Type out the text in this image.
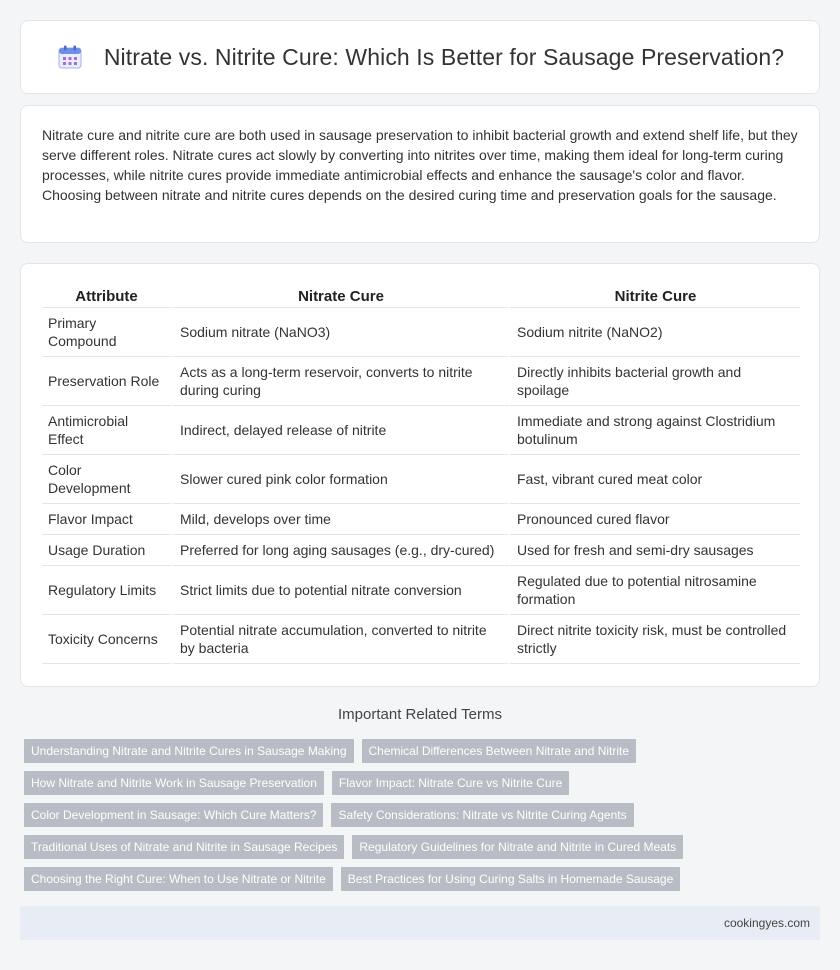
Nitrate vs. Nitrite Cure: Which Is Better for Sausage Preservation?

Nitrate cure and nitrite cure are both used in sausage preservation to inhibit bacterial growth and extend shelf life, but they serve different roles. Nitrate cures act slowly by converting into nitrites over time, making them ideal for long-term curing processes, while nitrite cures provide immediate antimicrobial effects and enhance the sausage's color and flavor. Choosing between nitrate and nitrite cures depends on the desired curing time and preservation goals for the sausage.

Attribute	Nitrate Cure	Nitrite Cure
Primary Compound	Sodium nitrate (NaNO3)	Sodium nitrite (NaNO2)
Preservation Role	Acts as a long-term reservoir, converts to nitrite during curing	Directly inhibits bacterial growth and spoilage
Antimicrobial Effect	Indirect, delayed release of nitrite	Immediate and strong against Clostridium botulinum
Color Development	Slower cured pink color formation	Fast, vibrant cured meat color
Flavor Impact	Mild, develops over time	Pronounced cured flavor
Usage Duration	Preferred for long aging sausages (e.g., dry-cured)	Used for fresh and semi-dry sausages
Regulatory Limits	Strict limits due to potential nitrate conversion	Regulated due to potential nitrosamine formation
Toxicity Concerns	Potential nitrate accumulation, converted to nitrite by bacteria	Direct nitrite toxicity risk, must be controlled strictly
Important Related Terms
Understanding Nitrate and Nitrite Cures in Sausage Making	Chemical Differences Between Nitrate and Nitrite
How Nitrate and Nitrite Work in Sausage Preservation	Flavor Impact: Nitrate Cure vs Nitrite Cure
Color Development in Sausage: Which Cure Matters?	Safety Considerations: Nitrate vs Nitrite Curing Agents
Traditional Uses of Nitrate and Nitrite in Sausage Recipes	Regulatory Guidelines for Nitrate and Nitrite in Cured Meats
Choosing the Right Cure: When to Use Nitrate or Nitrite	Best Practices for Using Curing Salts in Homemade Sausage
cookingyes.com
